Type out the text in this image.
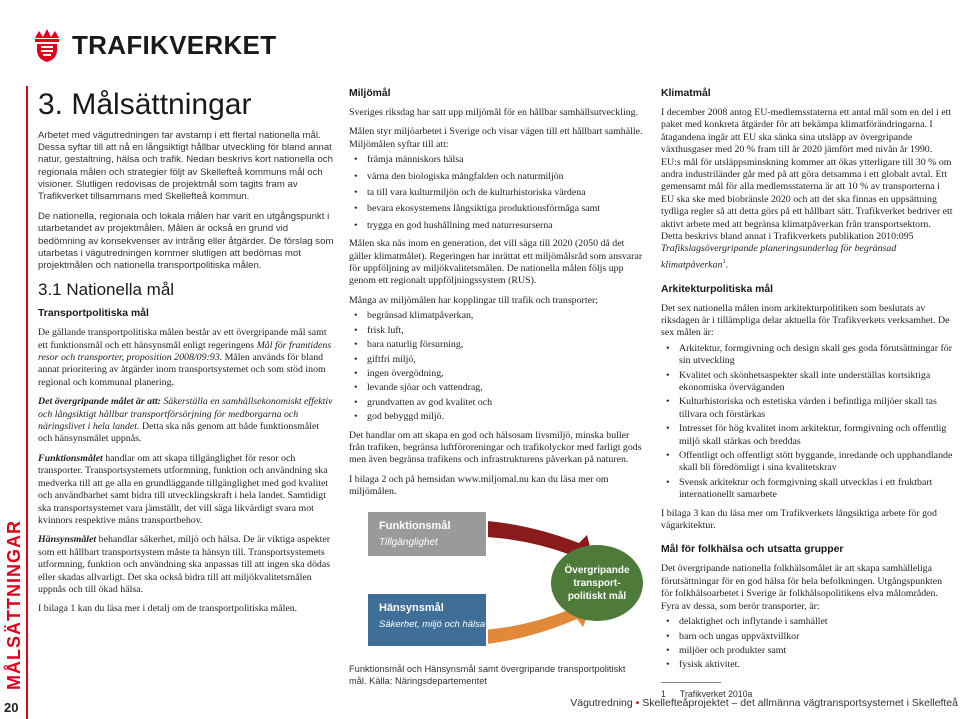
TRAFIKVERKET
MÅLSÄTTNINGAR
20
3. Målsättningar

Arbetet med vägutredningen tar avstamp i ett flertal nationella mål. Dessa syftar till att nå en långsiktigt hållbar utveckling för bland annat natur, gestaltning, hälsa och trafik. Nedan beskrivs kort nationella och regionala målen och strategier följt av Skellefteå kommuns mål och visioner. Slutligen redovisas de projektmål som tagits fram av Trafikverket tillsammans med Skellefteå kommun.

De nationella, regionala och lokala målen har varit en utgångspunkt i utarbetandet av projektmålen. Målen är också en grund vid bedömning av konsekvenser av intrång eller åtgärder. De förslag som utarbetas i vägutredningen kommer slutligen att bedömas mot projektmålen och nationella transportpolitiska målen.

3.1 Nationella mål
Transportpolitiska mål

De gällande transportpolitiska målen består av ett övergripande mål samt ett funktionsmål och ett hänsynsmål enligt regeringens Mål för framtidens resor och transporter, proposition 2008/09:93. Målen används för bland annat prioritering av åtgärder inom transportsystemet och som stöd inom regional och kommunal planering.

Det övergripande målet är att: Säkerställa en samhällsekonomiskt effektiv och långsiktigt hållbar transportförsörjning för medborgarna och näringslivet i hela landet. Detta ska nås genom att både funktionsmålet och hänsynsmålet uppnås.

Funktionsmålet handlar om att skapa tillgänglighet för resor och transporter. Transportsystemets utformning, funktion och användning ska medverka till att ge alla en grundläggande tillgänglighet med god kvalitet och användbarhet samt bidra till utvecklingskraft i hela landet. Samtidigt ska transportsystemet vara jämställt, det vill säga likvärdigt svara mot kvinnors respektive mäns transportbehov.

Hänsynsmålet behandlar säkerhet, miljö och hälsa. De är viktiga aspekter som ett hållbart transportsystem måste ta hänsyn till. Transportsystemets utformning, funktion och användning ska anpassas till att ingen ska dödas eller skadas allvarligt. Det ska också bidra till att miljökvalitetsmålen uppnås och till ökad hälsa.

I bilaga 1 kan du läsa mer i detalj om de transportpolitiska målen.

Miljömål

Sveriges riksdag har satt upp miljömål för en hållbar samhällsutveckling.

Målen styr miljöarbetet i Sverige och visar vägen till ett hållbart samhälle. Miljömålen syftar till att:

• främja människors hälsa
• värna den biologiska mångfalden och naturmiljön
• ta till vara kulturmiljön och de kulturhistoriska värdena
• bevara ekosystemens långsiktiga produktionsförmåga samt
• trygga en god hushållning med naturresurserna

Målen ska nås inom en generation, det vill säga till 2020 (2050 då det gäller klimatmålet). Regeringen har inrättat ett miljömålsråd som ansvarar för uppföljning av miljökvalitetsmålen. De nationella målen följs upp genom ett regionalt uppföljningssystem (RUS).

Många av miljömålen har kopplingar till trafik och transporter;

• begränsad klimatpåverkan,
• frisk luft,
• bara naturlig försurning,
• giftfri miljö,
• ingen övergödning,
• levande sjöar och vattendrag,
• grundvatten av god kvalitet och
• god bebyggd miljö.

Det handlar om att skapa en god och hälsosam livsmiljö, minska buller från trafiken, begränsa luftföroreningar och trafikolyckor med farligt gods men även begränsa trafikens och infrastrukturens påverkan på naturen.

I bilaga 2 och på hemsidan www.miljomal.nu kan du läsa mer om miljömålen.

Funktionsmål
Tillgänglighet
Hänsynsmål
Säkerhet, miljö och hälsa
Övergripande
transport-
politiskt mål

Funktionsmål och Hänsynsmål samt övergripande transportpolitiskt mål. Källa: Näringsdepartementet

Klimatmål

I december 2008 antog EU-medlemsstaterna ett antal mål som en del i ett paket med konkreta åtgärder för att bekämpa klimatförändringarna. I åtagandena ingår att EU ska sänka sina utsläpp av övergripande växthusgaser med 20 % fram till år 2020 jämfört med nivån år 1990. EU:s mål för utsläppsminskning kommer att ökas ytterligare till 30 % om andra industriländer går med på att göra detsamma i ett globalt avtal. Ett gemensamt mål för alla medlemsstaterna är att 10 % av transporterna i EU ska ske med biobränsle 2020 och att det ska finnas en uppsättning tydliga regler så att detta görs på ett hållbart sätt. Trafikverket bedriver ett aktivt arbete med att begränsa klimatpåverkan från transportsektorn. Detta beskrivs bland annat i Trafikverkets publikation 2010:095 Trafikslagsövergripande planeringsunderlag för begränsad klimatpåverkan$^1$.

Arkitekturpolitiska mål

Det sex nationella målen inom arkitekturpolitiken som beslutats av riksdagen är i tillämpliga delar aktuella för Trafikverkets verksamhet. De sex målen är:

• Arkitektur, formgivning och design skall ges goda förutsättningar för sin utveckling
• Kvalitet och skönhetsaspekter skall inte underställas kortsiktiga ekonomiska överväganden
• Kulturhistoriska och estetiska värden i befintliga miljöer skall tas tillvara och förstärkas
• Intresset för hög kvalitet inom arkitektur, formgivning och offentlig miljö skall stärkas och breddas
• Offentligt och offentligt stött byggande, inredande och upphandlande skall bli föredömligt i sina kvalitetskrav
• Svensk arkitektur och formgivning skall utvecklas i ett fruktbart internationellt samarbete

I bilaga 3 kan du läsa mer om Trafikverkets långsiktiga arbete för god vägarkitektur.

Mål för folkhälsa och utsatta grupper

Det övergripande nationella folkhälsomålet är att skapa samhälleliga förutsättningar för en god hälsa för hela befolkningen. Utgångspunkten för folkhälsoarbetet i Sverige är folkhälsopolitikens elva målområden. Fyra av dessa, som berör transporter, är:

• delaktighet och inflytande i samhället
• barn och ungas uppväxtvillkor
• miljöer och produkter samt
• fysisk aktivitet.
1 Trafikverket 2010a
Vägutredning • Skellefteåprojektet – det allmänna vägtransportsystemet i Skellefteå
